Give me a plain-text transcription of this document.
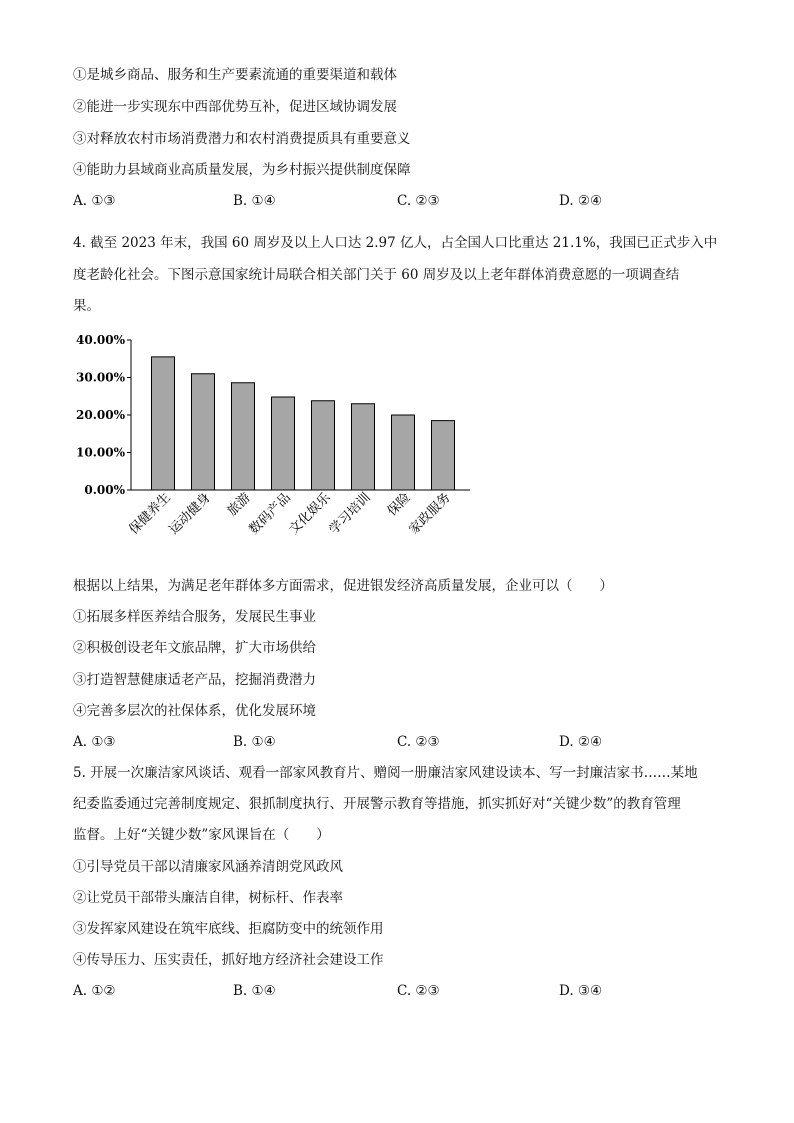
①是城乡商品、服务和生产要素流通的重要渠道和载体
②能进一步实现东中西部优势互补，促进区域协调发展
③对释放农村市场消费潜力和农村消费提质具有重要意义
④能助力县域商业高质量发展，为乡村振兴提供制度保障
A. ①③	B. ①④	C. ②③	D. ②④
4. 截至 2023 年末，我国 60 周岁及以上人口达 2.97 亿人，占全国人口比重达 21.1%，我国已正式步入中
度老龄化社会。下图示意国家统计局联合相关部门关于 60 周岁及以上老年群体消费意愿的一项调查结
果。
0.00%
10.00%
20.00%
30.00%
40.00%
保健养生
运动健身 旅游
数码产品
文化娱乐
学习培训 保险
家政服务
根据以上结果，为满足老年群体多方面需求，促进银发经济高质量发展，企业可以（　　）
①拓展多样医养结合服务，发展民生事业
②积极创设老年文旅品牌，扩大市场供给
③打造智慧健康适老产品，挖掘消费潜力
④完善多层次的社保体系，优化发展环境
A. ①③	B. ①④	C. ②③	D. ②④
5. 开展一次廉洁家风谈话、观看一部家风教育片、赠阅一册廉洁家风建设读本、写一封廉洁家书……某地
纪委监委通过完善制度规定、狠抓制度执行、开展警示教育等措施，抓实抓好对“关键少数”的教育管理
监督。上好“关键少数”家风课旨在（　　）
①引导党员干部以清廉家风涵养清朗党风政风
②让党员干部带头廉洁自律，树标杆、作表率
③发挥家风建设在筑牢底线、拒腐防变中的统领作用
④传导压力、压实责任，抓好地方经济社会建设工作
A. ①②	B. ①④	C. ②③	D. ③④
